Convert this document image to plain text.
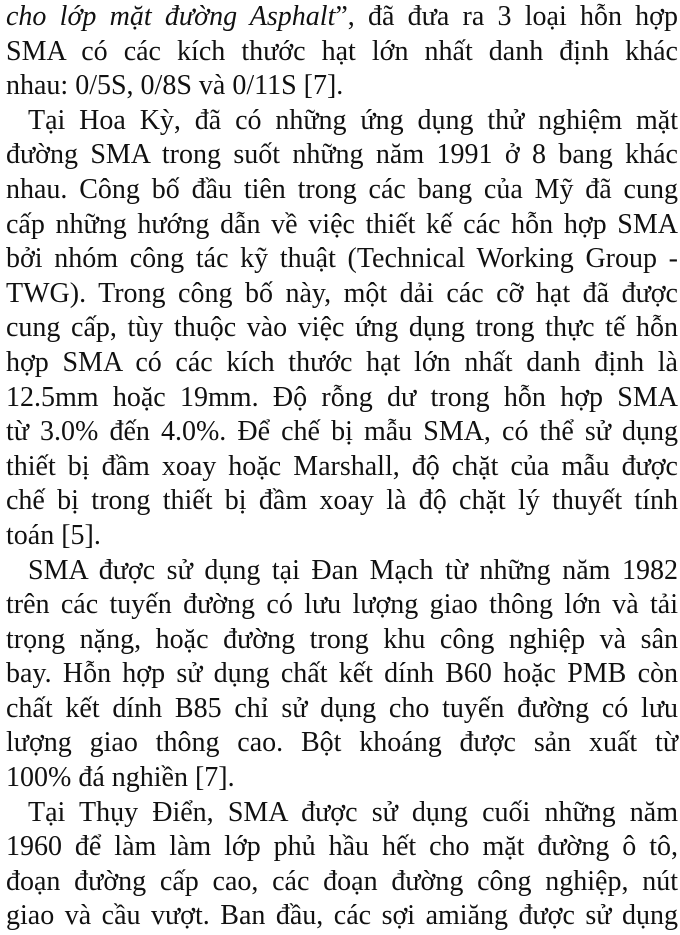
cho lớp mặt đường Asphalt”, đã đưa ra 3 loại hỗn hợp
SMA có các kích thước hạt lớn nhất danh định khác
nhau: 0/5S, 0/8S và 0/11S [7].
Tại Hoa Kỳ, đã có những ứng dụng thử nghiệm mặt
đường SMA trong suốt những năm 1991 ở 8 bang khác
nhau. Công bố đầu tiên trong các bang của Mỹ đã cung
cấp những hướng dẫn về việc thiết kế các hỗn hợp SMA
bởi nhóm công tác kỹ thuật (Technical Working Group -
TWG). Trong công bố này, một dải các cỡ hạt đã được
cung cấp, tùy thuộc vào việc ứng dụng trong thực tế hỗn
hợp SMA có các kích thước hạt lớn nhất danh định là
12.5mm hoặc 19mm. Độ rỗng dư trong hỗn hợp SMA
từ 3.0% đến 4.0%. Để chế bị mẫu SMA, có thể sử dụng
thiết bị đầm xoay hoặc Marshall, độ chặt của mẫu được
chế bị trong thiết bị đầm xoay là độ chặt lý thuyết tính
toán [5].
SMA được sử dụng tại Đan Mạch từ những năm 1982
trên các tuyến đường có lưu lượng giao thông lớn và tải
trọng nặng, hoặc đường trong khu công nghiệp và sân
bay. Hỗn hợp sử dụng chất kết dính B60 hoặc PMB còn
chất kết dính B85 chỉ sử dụng cho tuyến đường có lưu
lượng giao thông cao. Bột khoáng được sản xuất từ
100% đá nghiền [7].
Tại Thụy Điển, SMA được sử dụng cuối những năm
1960 để làm làm lớp phủ hầu hết cho mặt đường ô tô,
đoạn đường cấp cao, các đoạn đường công nghiệp, nút
giao và cầu vượt. Ban đầu, các sợi amiăng được sử dụng
